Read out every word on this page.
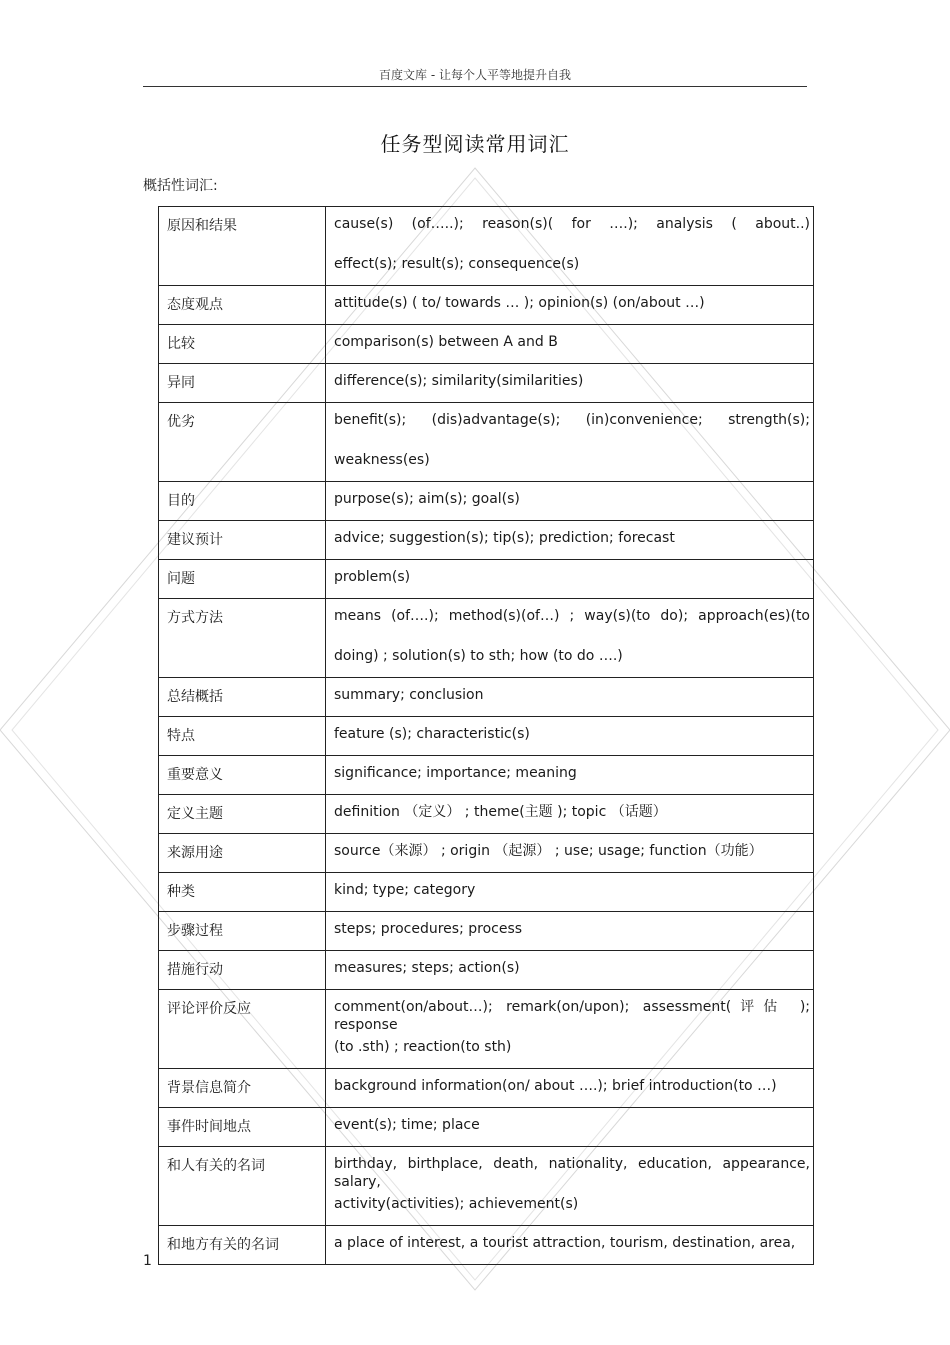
百度文库 - 让每个人平等地提升自我
任务型阅读常用词汇
概括性词汇:
原因和结果	cause(s) (of…..); reason(s)( for ….); analysis ( about..)
effect(s); result(s); consequence(s)

态度观点	attitude(s) ( to/ towards … ); opinion(s) (on/about …)

比较	comparison(s) between A and B

异同	difference(s); similarity(similarities)

优劣	benefit(s); (dis)advantage(s); (in)convenience; strength(s);
weakness(es)

目的	purpose(s); aim(s); goal(s)

建议预计	advice; suggestion(s); tip(s); prediction; forecast

问题	problem(s)

方式方法	means (of….); method(s)(of…) ; way(s)(to do); approach(es)(to
doing) ; solution(s) to sth; how (to do ….)

总结概括	summary; conclusion

特点	feature (s); characteristic(s)

重要意义	significance; importance; meaning

定义主题	definition （定义） ; theme(主题 ); topic （话题）

来源用途	source（来源） ; origin （起源） ; use; usage; function（功能）

种类	kind; type; category

步骤过程	steps; procedures; process

措施行动	measures; steps; action(s)

评论评价反应	comment(on/about…); remark(on/upon); assessment(评估 ); response
(to .sth) ; reaction(to sth)

背景信息简介	background information(on/ about ….); brief introduction(to …)

事件时间地点	event(s); time; place

和人有关的名词	birthday, birthplace, death, nationality, education, appearance, salary,
activity(activities); achievement(s)

和地方有关的名词	a place of interest, a tourist attraction, tourism, destination, area,
1
